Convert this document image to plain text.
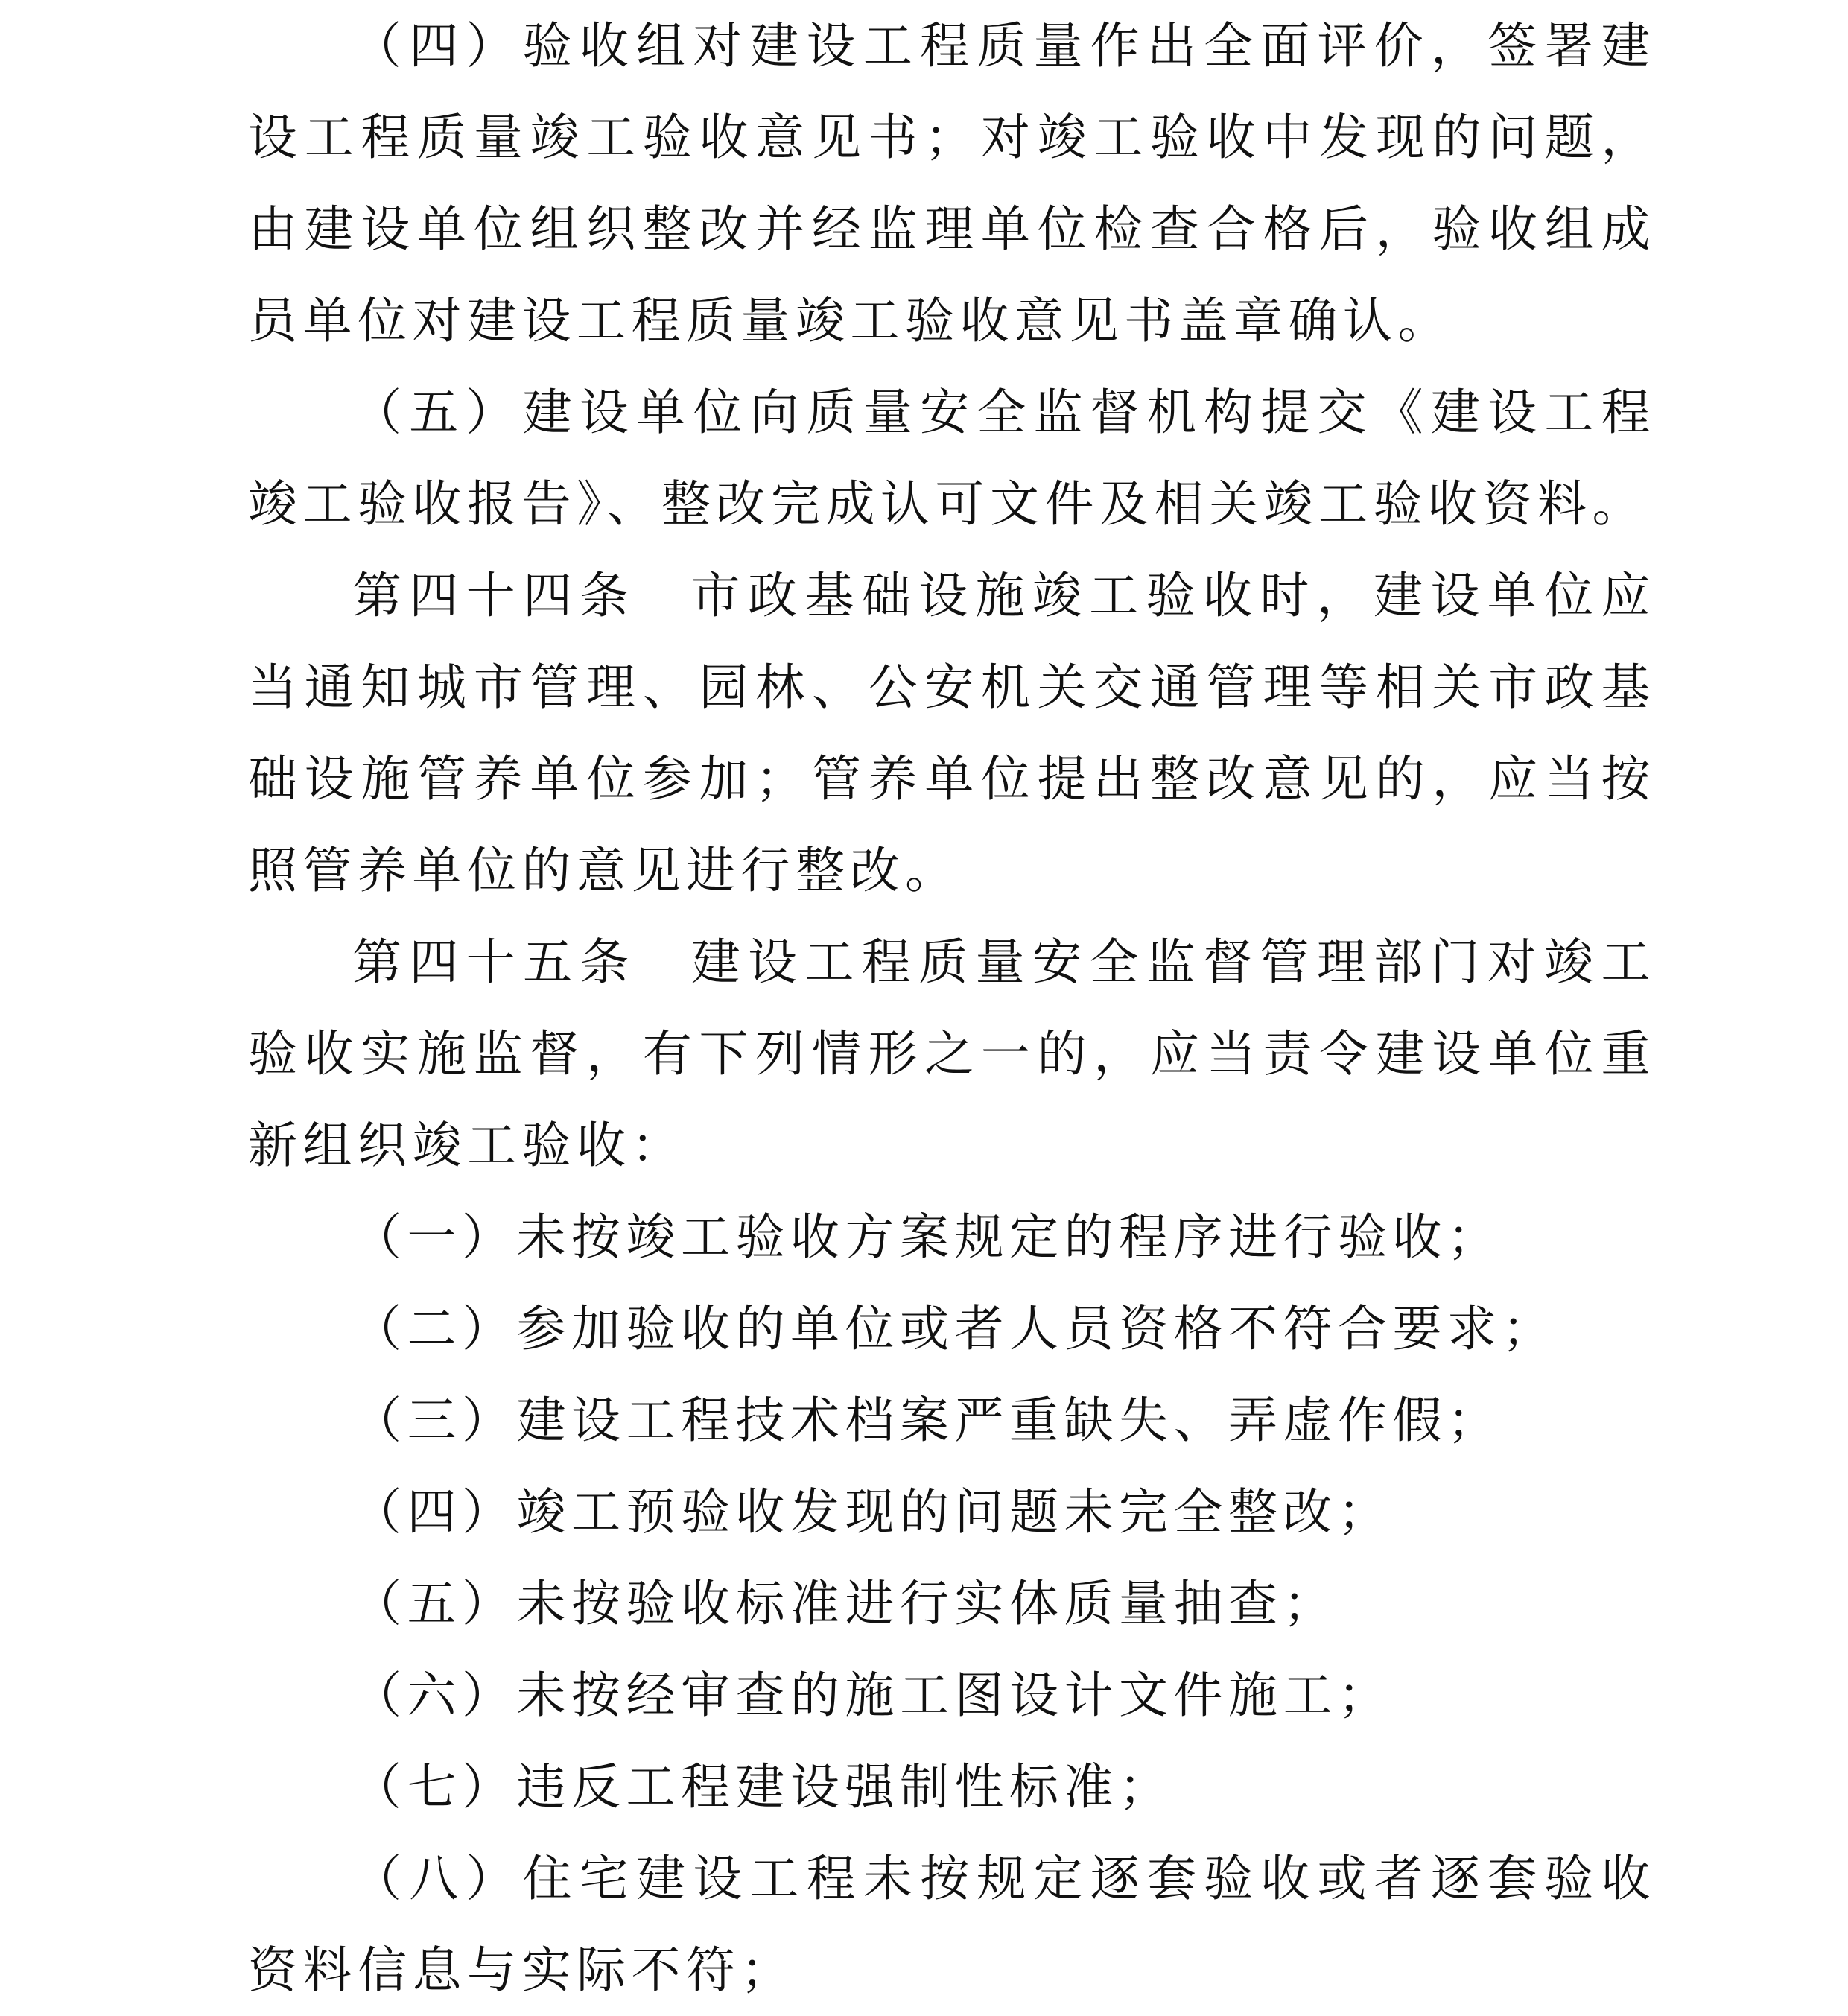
（四）验收组对建设工程质量作出全面评价，签署建设工程质量竣工验收意见书；对竣工验收中发现的问题，由建设单位组织整改并经监理单位检查合格后，验收组成员单位对建设工程质量竣工验收意见书盖章确认。

（五）建设单位向质量安全监督机构提交《建设工程竣工验收报告》、整改完成认可文件及相关竣工验收资料。

第四十四条 市政基础设施竣工验收时，建设单位应当通知城市管理、园林、公安机关交通管理等相关市政基础设施管养单位参加；管养单位提出整改意见的，应当按照管养单位的意见进行整改。

第四十五条 建设工程质量安全监督管理部门对竣工验收实施监督，有下列情形之一的，应当责令建设单位重新组织竣工验收：

（一）未按竣工验收方案规定的程序进行验收；

（二）参加验收的单位或者人员资格不符合要求；

（三）建设工程技术档案严重缺失、弄虚作假；

（四）竣工预验收发现的问题未完全整改；

（五）未按验收标准进行实体质量抽查；

（六）未按经审查的施工图设计文件施工；

（七）违反工程建设强制性标准；

（八）住宅建设工程未按规定逐套验收或者逐套验收资料信息与实际不符；
